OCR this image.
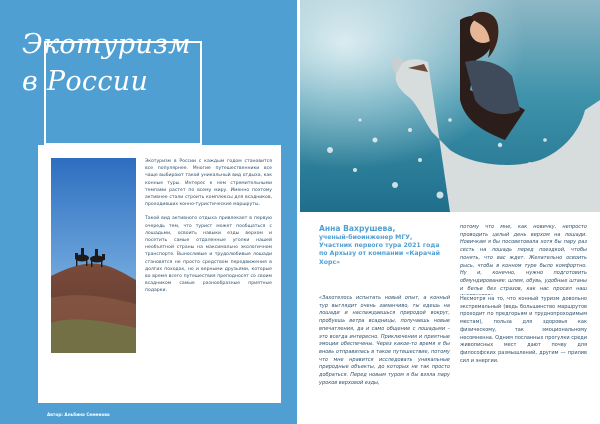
Экотуризм
в России

Экотуризм в России с каждым годом становится все популярнее. Многие путешественники все чаще выбирают такой уникальный вид отдыха, как конные туры. Интерес к нем стремительными темпами растет по всему миру. Именно поэтому активнее стали строить комплексы для всадников, проходивших конно-туристические маршруты.

Такой вид активного отдыха привлекает в первую очередь тем, что турист может пообщаться с лошадьми, освоить навыки езды верхом и посетить самые отдаленные уголки нашей необъятной страны на максимально экологичном транспорте. Выносливые и трудолюбивые лошади становятся не просто средством передвижения в долгих походах, но и верными друзьями, которые во время всего путешествия преподносят со своим всадником самые разнообразные приятные подарки.

Автор: Альбина Семенова

Анна Вахрушева,
ученый-биоинженер МГУ, Участник первого тура 2021 года по Архызу от компании «Карачай Хорс»

«Захотелось испытать новый опыт, а конный тур выглядит очень заманчиво, ты едешь на лошади и наслаждаешься природой вокруг, пробуешь ветра всадницы, получаешь новые впечатления, да и само общение с лошадьми – это всегда интересно. Приключения и приятные эмоции обеспечены. Через какое-то время я бы вновь отправилась в такое путешествие, потому что мне нравится исследовать уникальные природные объекты, до которых не так просто добраться. Перед новым туром я бы взяла пару уроков верховой езды,

потому что мне, как новичку, непросто проводить целый день верхом на лошади. Новичкам я бы посоветовала хотя бы пару раз сесть на лошадь перед поездкой, чтобы понять, что вас ждет. Желательно освоить рысь, чтобы в конном туре было комфортно. Ну и, конечно, нужно подготовить обмундирование: шлем, обувь, удобные штаны и белье без стразов, как нас просил наш

Несмотря на то, что конный туризм довольно экстремальный (ведь большинство маршрутов проходит по предгорьям и труднопроходимым местам), польза для здоровья как физическому, так эмоциональному несомненна. Одним посланных прогулки среди живописных мест дают почву для философских размышлений, другим — прилив сил и энергии.
